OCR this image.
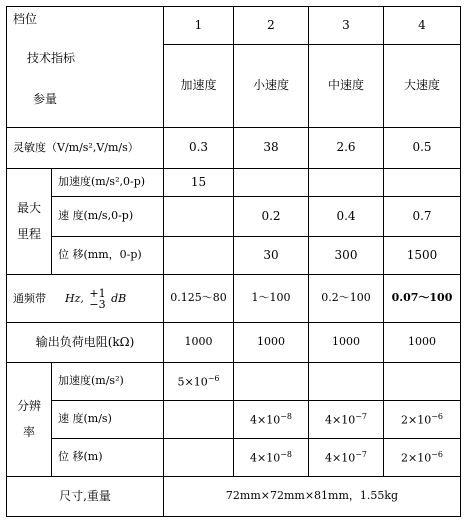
档位
技术指标
参量		1	2	3	4
		加速度	小速度	中速度	大速度
灵敏度（V/m/s²,V/m/s）		0.3	38	2.6	0.5
最大

里程	加速度(m/s²,0-p)	15			
	速 度(m/s,0-p)		0.2	0.4	0.7
	位 移(mm，0-p)		30	300	1500
通频带 Hz, +1
−3 dB		0.125～80	1～100	0.2～100	0.07～100
输出负荷电阻(kΩ)		1000	1000	1000	1000
分辨

率	加速度(m/s²)	$5\times 10^{-6}$			
	速 度(m/s)		$4\times 10^{-8}$	$4\times 10^{-7}$	$2\times 10^{-6}$
	位 移(m)		$4\times 10^{-8}$	$4\times 10^{-7}$	$2\times 10^{-6}$
尺寸,重量		72mm×72mm×81mm，1.55kg			
